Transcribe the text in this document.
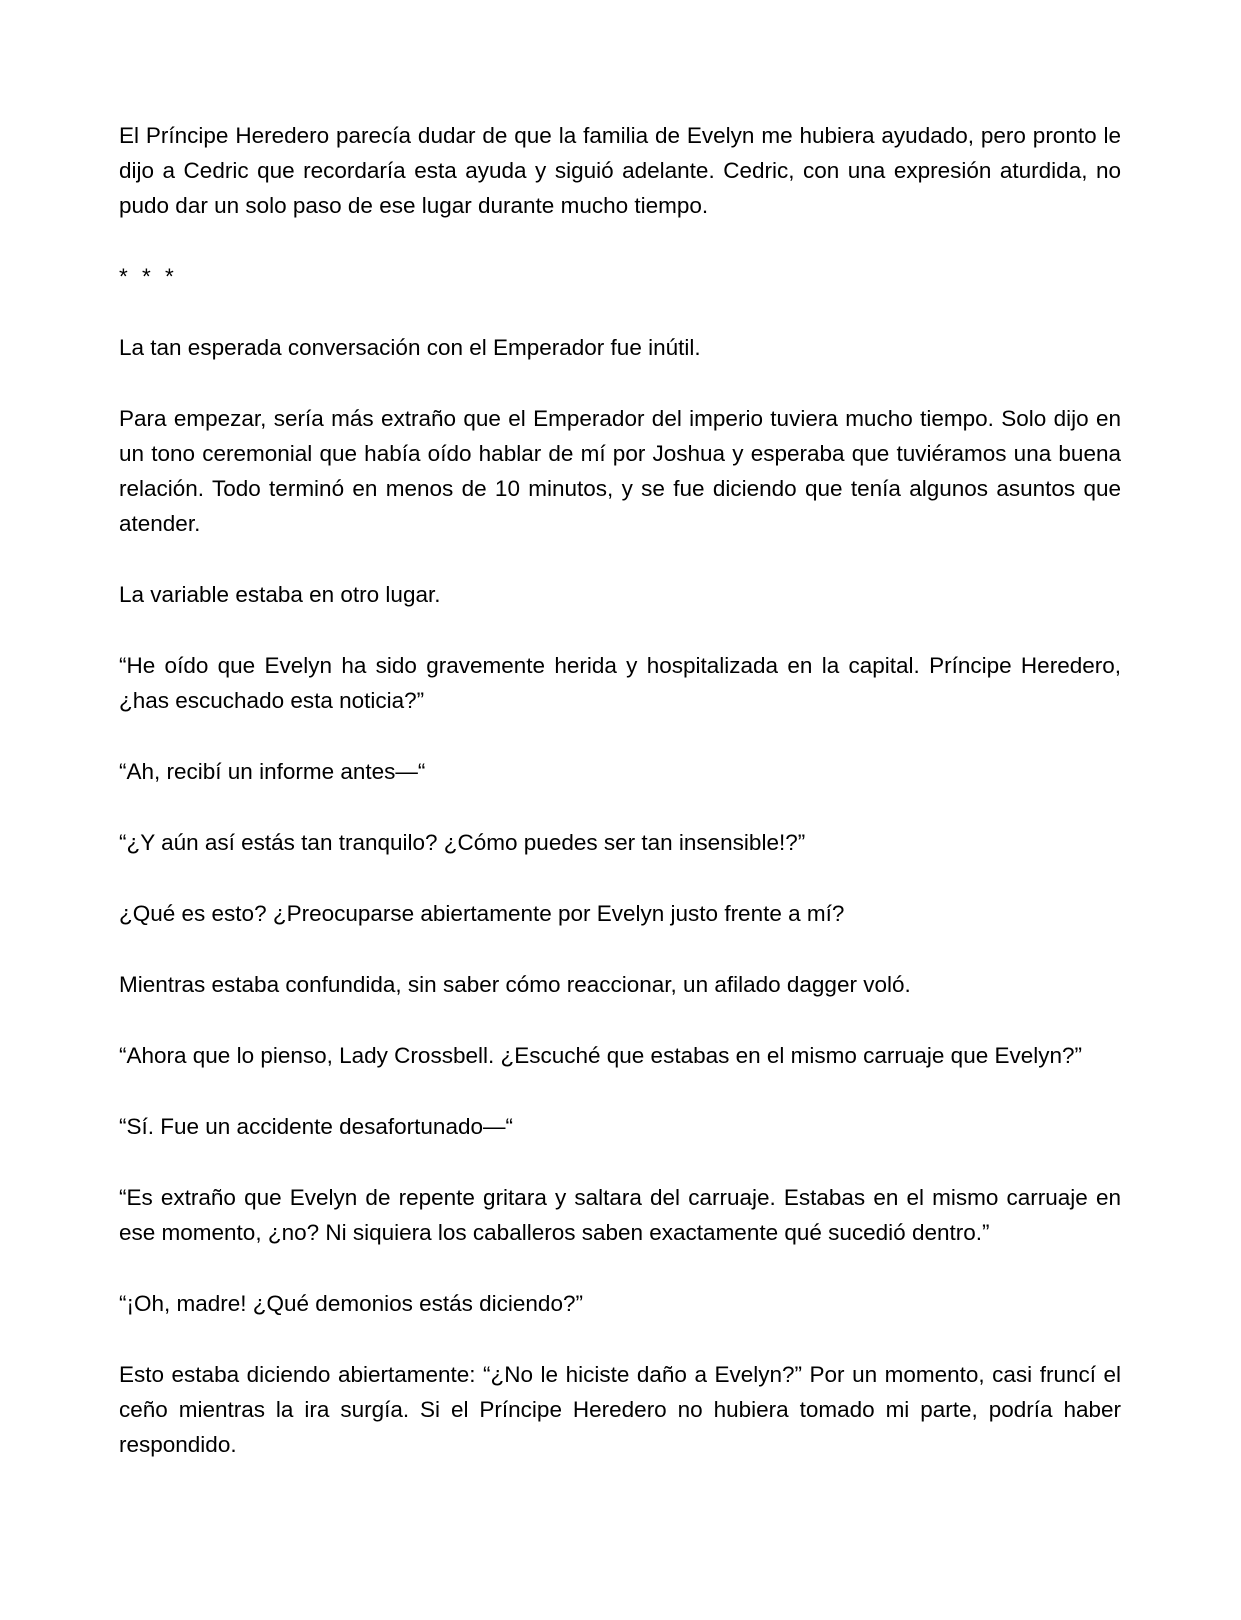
El Príncipe Heredero parecía dudar de que la familia de Evelyn me hubiera ayudado, pero pronto le dijo a Cedric que recordaría esta ayuda y siguió adelante. Cedric, con una expresión aturdida, no pudo dar un solo paso de ese lugar durante mucho tiempo.

* * *

La tan esperada conversación con el Emperador fue inútil.

Para empezar, sería más extraño que el Emperador del imperio tuviera mucho tiempo. Solo dijo en un tono ceremonial que había oído hablar de mí por Joshua y esperaba que tuviéramos una buena relación. Todo terminó en menos de 10 minutos, y se fue diciendo que tenía algunos asuntos que atender.

La variable estaba en otro lugar.

“He oído que Evelyn ha sido gravemente herida y hospitalizada en la capital. Príncipe Heredero, ¿has escuchado esta noticia?”

“Ah, recibí un informe antes—“

“¿Y aún así estás tan tranquilo? ¿Cómo puedes ser tan insensible!?”

¿Qué es esto? ¿Preocuparse abiertamente por Evelyn justo frente a mí?

Mientras estaba confundida, sin saber cómo reaccionar, un afilado dagger voló.

“Ahora que lo pienso, Lady Crossbell. ¿Escuché que estabas en el mismo carruaje que Evelyn?”

“Sí. Fue un accidente desafortunado—“

“Es extraño que Evelyn de repente gritara y saltara del carruaje. Estabas en el mismo carruaje en ese momento, ¿no? Ni siquiera los caballeros saben exactamente qué sucedió dentro.”

“¡Oh, madre! ¿Qué demonios estás diciendo?”

Esto estaba diciendo abiertamente: “¿No le hiciste daño a Evelyn?” Por un momento, casi fruncí el ceño mientras la ira surgía. Si el Príncipe Heredero no hubiera tomado mi parte, podría haber respondido.
